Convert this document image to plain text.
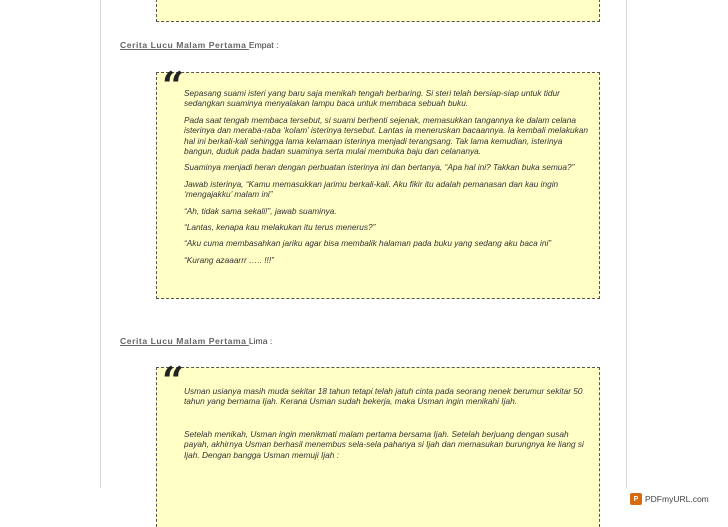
Cerita Lucu Malam Pertama Empat :
“ Sepasang suami isteri yang baru saja menikah tengah berbaring. Si steri telah bersiap-siap untuk tidur sedangkan suaminya menyalakan lampu baca untuk membaca sebuah buku.

Pada saat tengah membaca tersebut, si suami berhenti sejenak, memasukkan tangannya ke dalam celana isterinya dan meraba-raba ‘kolam’ isterinya tersebut. Lantas ia meneruskan bacaannya. Ia kembali melakukan hal ini berkali-kali sehingga lama kelamaan isterinya menjadi terangsang. Tak lama kemudian, isterinya bangun, duduk pada badan suaminya serta mulai membuka baju dan celananya.

Suaminya menjadi heran dengan perbuatan isterinya ini dan bertanya, “Apa hal ini? Takkan buka semua?”

Jawab isterinya, “Kamu memasukkan jarimu berkali-kali. Aku fikir itu adalah pemanasan dan kau ingin ‘mengajakku’ malam ini”

“Ah, tidak sama sekali!”, jawab suaminya.

“Lantas, kenapa kau melakukan itu terus menerus?”

“Aku cuma membasahkan jariku agar bisa membalik halaman pada buku yang sedang aku baca ini”

“Kurang azaaarrr ….. !!!”

Cerita Lucu Malam Pertama Lima :
“ Usman usianya masih muda sekitar 18 tahun tetapi telah jatuh cinta pada seorang nenek berumur sekitar 50 tahun yang bernama Ijah. Kerana Usman sudah bekerja, maka Usman ingin menikahi Ijah.

Setelah menikah, Usman ingin menikmati malam pertama bersama Ijah. Setelah berjuang dengan susah payah, akhirnya Usman berhasil menembus sela-sela pahanya si Ijah dan memasukan burungnya ke liang si Ijah. Dengan bangga Usman memuji Ijah :

P PDFmyURL.com
